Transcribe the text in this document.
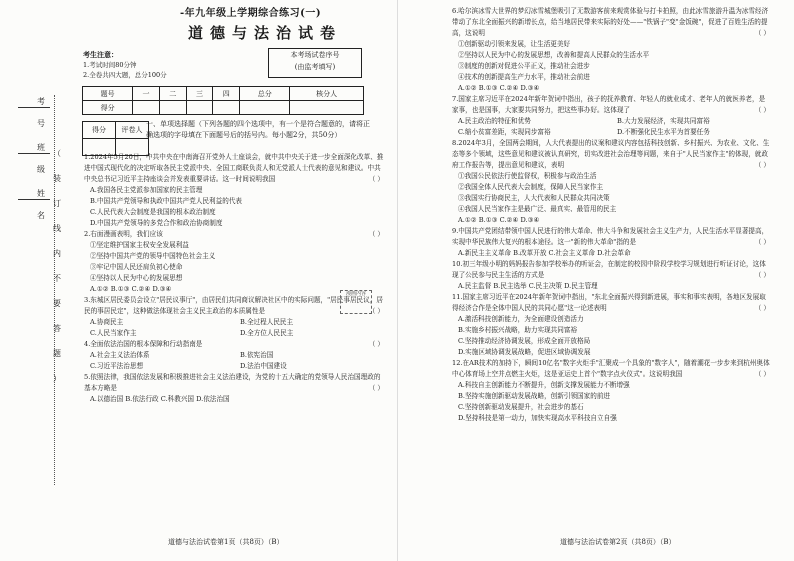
考
号
班
级
姓
名
（
装
订
线
内
不
要
答
题
）
-年九年级上学期综合练习(一)
道德与法治试卷
考生注意：
1.考试时间80分钟
2.全卷共四大题，总分100分
本考场试卷序号
(由监考填写)
题号	一	二	三	四	总分	核分人
得分						
得分	评卷人

一、单项选择题（下列各题的四个选项中，有一个是符合题意的，请将正确选项的字母填在下面题号后的括号内。每小题2分，共50分）
1.2024年5月20日，中共中央在中南海召开党外人士座谈会，就中共中央关于进一步全面深化改革、推进中国式现代化的决定听取各民主党派中央、全国工商联负责人和无党派人士代表的意见和建议。中共中央总书记习近平主持座谈会并发表重要讲话。这一时间说明我国	（ ）
A.我国各民主党派参加国家的民主管理
B.中国共产党领导和执政中国共产党人民利益的代表
C.人民代表大会制度是我国的根本政治制度
D.中国共产党领导的多党合作和政治协商制度
2.右面漫画表明，我们应该	（ ）
①坚定维护国家主权安全发展利益
②坚持中国共产党的领导中国特色社会主义
③牢记中国人民还肩负初心使命
④坚持以人民为中心的发展思想
A.①② B.①③ C.②④ D.③④
3.东城区居民委员会设立"居民议事厅"，由居民们共同商议解决社区中的实际问题，"居民事居民议，居民的事居民定"，这种做法体现社会主义民主政治的本质属性是	（ ）
A.协商民主	B.全过程人民民主
C.人民当家作主	D.全方位人民民主
4.全面依法治国的根本保障和行动指南是	（ ）
A.社会主义法治体系	B.依宪治国
C.习近平法治思想	D.法治中国建设
5.依照法律，我国依法发展和积极推进社会主义法治建设，为党的十五大确定的党领导人民治国理政的基本方略是	（ ）
A.以德治国 B.依法行政 C.科教兴国 D.依法治国
漫画内容
6.哈尔滨冰雪大世界的梦幻冰雪城堡吸引了无数游客前来观赏体验与打卡拍照，由此冰雪旅游升温为冰雪经济带动了东北全面振兴的新增长点，给当地居民带来实际的好处——"铁锅子"变"金饭碗"，促进了百姓生活的提高，这说明	（ ）
①创新驱动引领来发展，让生活更美好
②坚持以人民为中心的发展思想，改善和提高人民群众的生活水平
③制度的创新对促进公平正义，推动社会进步
④技术的创新提高生产力水平，推动社会前进
A.①② B.①③ C.②④ D.③④
7.国家主席习近平在2024年新年贺词中指出，孩子的抚养教育、年轻人的就业成才、老年人的就医养老，是家事，也是国事，大家要共同努力，把这些事办好。这体现了	（ ）
A.民主政治的特征和优势	B.大力发展经济，实现共同富裕
C.缩小贫富差距，实现同步富裕	D.不断强化民生水平为首要任务
8.2024年3月，全国两会期间，人大代表提出的议案和建议内容包括科技创新、乡村振兴、为农业、文化、生态等多个领域，这些意见和建议被认真研究，切实改进社会治理等问题，来自于"人民当家作主"的体现，就政府工作报告等，提出意见和建议，表明	（ ）
①我国公民依法行使监督权，积极参与政治生活
②我国全体人民代表大会制度，保障人民当家作主
③我国实行协商民主，人大代表和人民群众共同决策
④我国人民当家作主是最广泛、最真实、最管用的民主
A.①② B.①③ C.②④ D.③④
9.中国共产党团结带领中国人民进行的伟大革命、伟大斗争和发展社会主义生产力，人民生活水平显著提高，实现中华民族伟大复兴的根本途径。这一"新的伟大革命"指的是	（ ）
A.新民主主义革命 B.改革开放 C.社会主义革命 D.社会革命
10.初三年级小明的妈妈报告参加学校举办的听证会，在制定的校园中阶段学校学习规划进行听证讨论，这体现了公民参与民主生活的方式是	（ ）
A.民主监督 B.民主选举 C.民主决策 D.民主管理
11.国家主席习近平在2024年新年贺词中指出，"东北全面振兴得到新进展，事实和事实表明，各地区发展取得经济合作是全体中国人民的共同心愿"这一论述表明	（ ）
A.激活科技创新能力，为全面建设创造活力
B.实施乡村振兴战略，助力实现共同富裕
C.坚持推动经济协调发展，形成全面开放格局
D.实施区域协调发展战略，促进区域协调发展
12.在AR技术的加持下，瞬间10亿名"数字火炬手"汇聚成一个具象的"数字人"，随着潮花一步步来到杭州奥体中心体育场上空并点燃主火炬，这是亚运史上首个"数字点火仪式"。这说明我国	（ ）
A.科技自主创新能力不断提升，创新支撑发展能力不断增强
B.坚持实施创新驱动发展战略，创新引领国家的前进
C.坚持创新驱动发展提升，社会进步的基石
D.坚持科技是第一动力，加快实现高水平科技自立自强
道德与法治试卷第1页（共8页）（B）	道德与法治试卷第2页（共8页）（B）
